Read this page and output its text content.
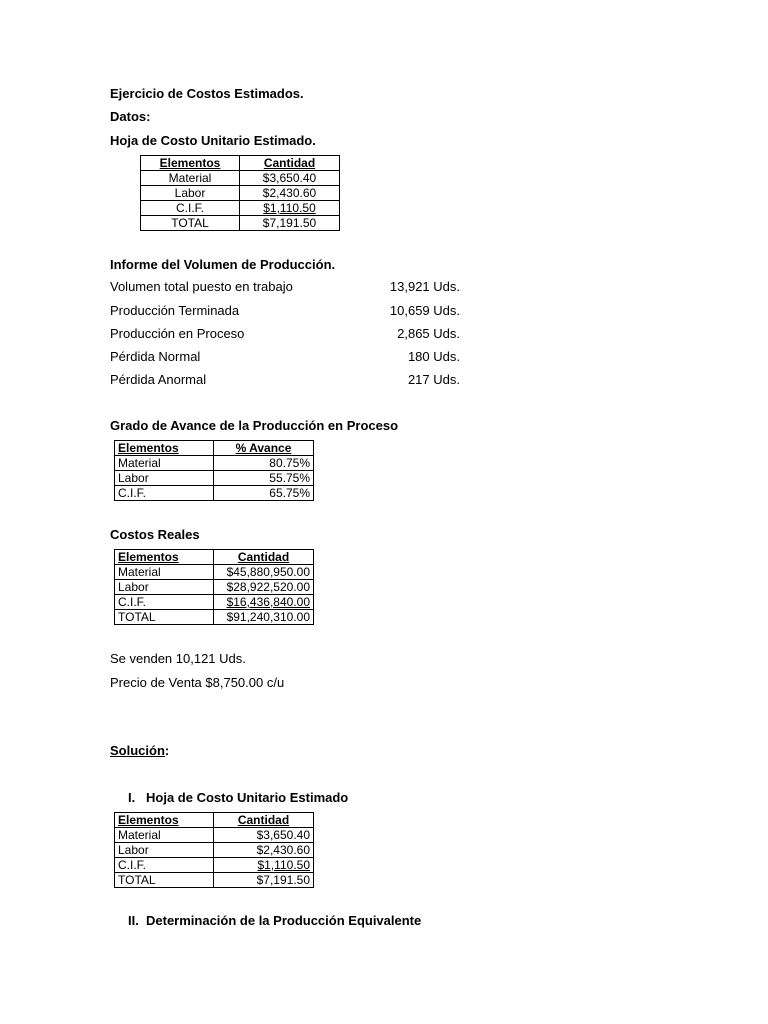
Ejercicio de Costos Estimados.
Datos:
Hoja de Costo Unitario Estimado.
Elementos	Cantidad
Material	$3,650.40
Labor	$2,430.60
C.I.F.	$1,110.50
TOTAL	$7,191.50
Informe del Volumen de Producción.
Volumen total puesto en trabajo	13,921 Uds.
Producción Terminada	10,659 Uds.
Producción en Proceso	2,865 Uds.
Pérdida Normal	180 Uds.
Pérdida Anormal	217 Uds.
Grado de Avance de la Producción en Proceso
Elementos	% Avance
Material	80.75%
Labor	55.75%
C.I.F.	65.75%
Costos Reales
Elementos	Cantidad
Material	$45,880,950.00
Labor	$28,922,520.00
C.I.F.	$16,436,840.00
TOTAL	$91,240,310.00
Se venden 10,121 Uds.
Precio de Venta $8,750.00 c/u
Solución:
I. Hoja de Costo Unitario Estimado
Elementos	Cantidad
Material	$3,650.40
Labor	$2,430.60
C.I.F.	$1,110.50
TOTAL	$7,191.50
II. Determinación de la Producción Equivalente
